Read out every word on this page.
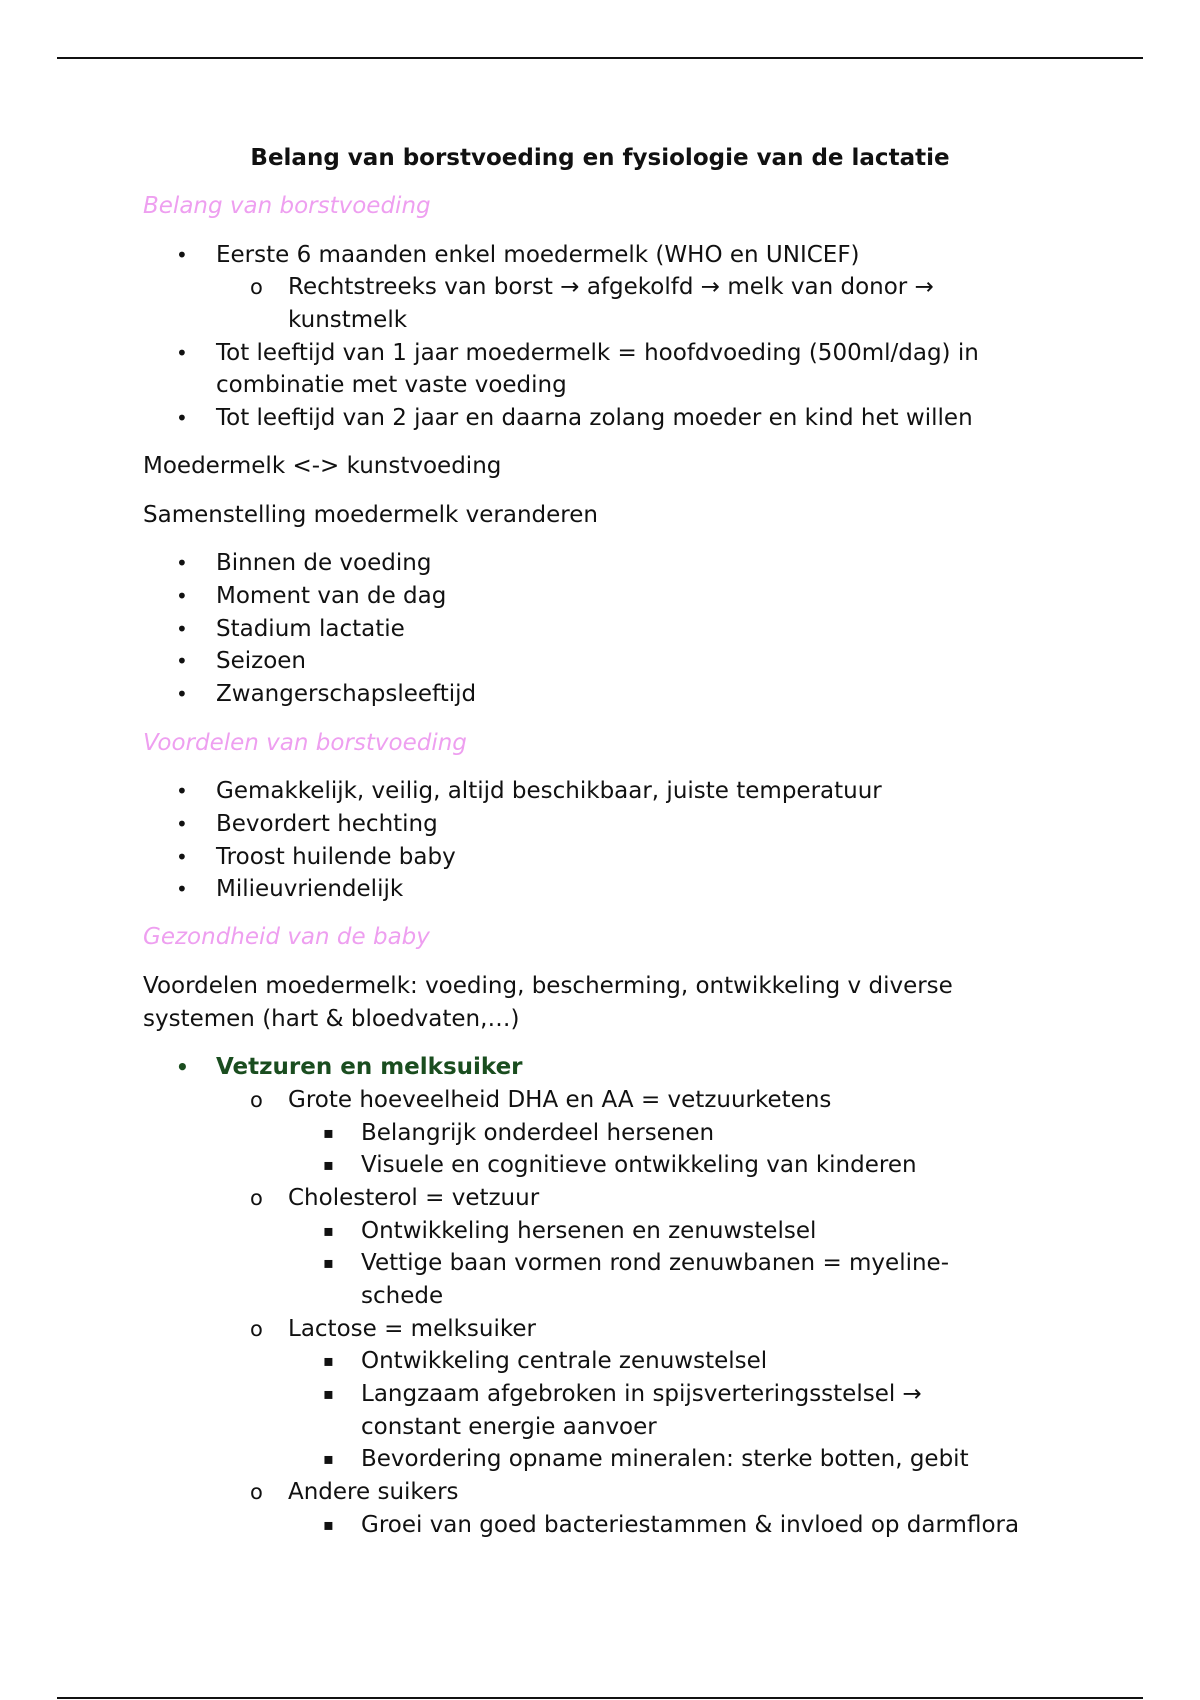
Belang van borstvoeding en fysiologie van de lactatie
Belang van borstvoeding
• Eerste 6 maanden enkel moedermelk (WHO en UNICEF)
o Rechtstreeks van borst → afgekolfd → melk van donor →
kunstmelk
• Tot leeftijd van 1 jaar moedermelk = hoofdvoeding (500ml/dag) in
combinatie met vaste voeding
• Tot leeftijd van 2 jaar en daarna zolang moeder en kind het willen
Moedermelk <-> kunstvoeding
Samenstelling moedermelk veranderen
• Binnen de voeding
• Moment van de dag
• Stadium lactatie
• Seizoen
• Zwangerschapsleeftijd
Voordelen van borstvoeding
• Gemakkelijk, veilig, altijd beschikbaar, juiste temperatuur
• Bevordert hechting
• Troost huilende baby
• Milieuvriendelijk
Gezondheid van de baby
Voordelen moedermelk: voeding, bescherming, ontwikkeling v diverse
systemen (hart & bloedvaten,…)
• Vetzuren en melksuiker
o Grote hoeveelheid DHA en AA = vetzuurketens
▪ Belangrijk onderdeel hersenen
▪ Visuele en cognitieve ontwikkeling van kinderen
o Cholesterol = vetzuur
▪ Ontwikkeling hersenen en zenuwstelsel
▪ Vettige baan vormen rond zenuwbanen = myeline-
schede
o Lactose = melksuiker
▪ Ontwikkeling centrale zenuwstelsel
▪ Langzaam afgebroken in spijsverteringsstelsel →
constant energie aanvoer
▪ Bevordering opname mineralen: sterke botten, gebit
o Andere suikers
▪ Groei van goed bacteriestammen & invloed op darmflora
